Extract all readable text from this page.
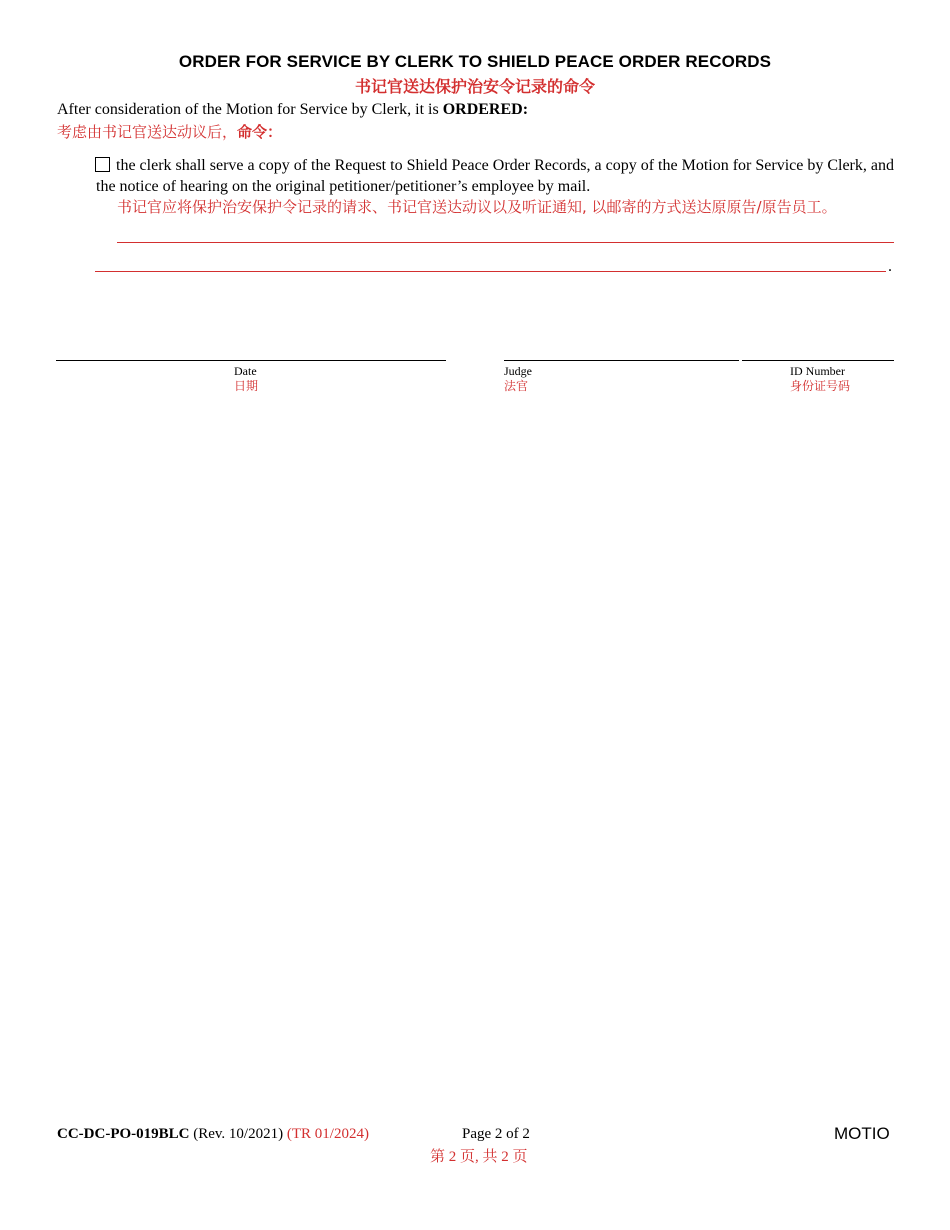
ORDER FOR SERVICE BY CLERK TO SHIELD PEACE ORDER RECORDS
书记官送达保护治安令记录的命令
After consideration of the Motion for Service by Clerk, it is ORDERED:
考虑由书记官送达动议后，命令：
the clerk shall serve a copy of the Request to Shield Peace Order Records, a copy of the Motion for Service by Clerk, and the notice of hearing on the original petitioner/petitioner’s employee by mail.
书记官应将保护治安保护令记录的请求、书记官送达动议以及听证通知, 以邮寄的方式送达原原告/原告员工。
.
Date
日期
Judge
法官
ID Number
身份证号码
CC-DC-PO-019BLC (Rev. 10/2021) (TR 01/2024)	Page 2 of 2
第 2 页, 共 2 页
MOTIO
